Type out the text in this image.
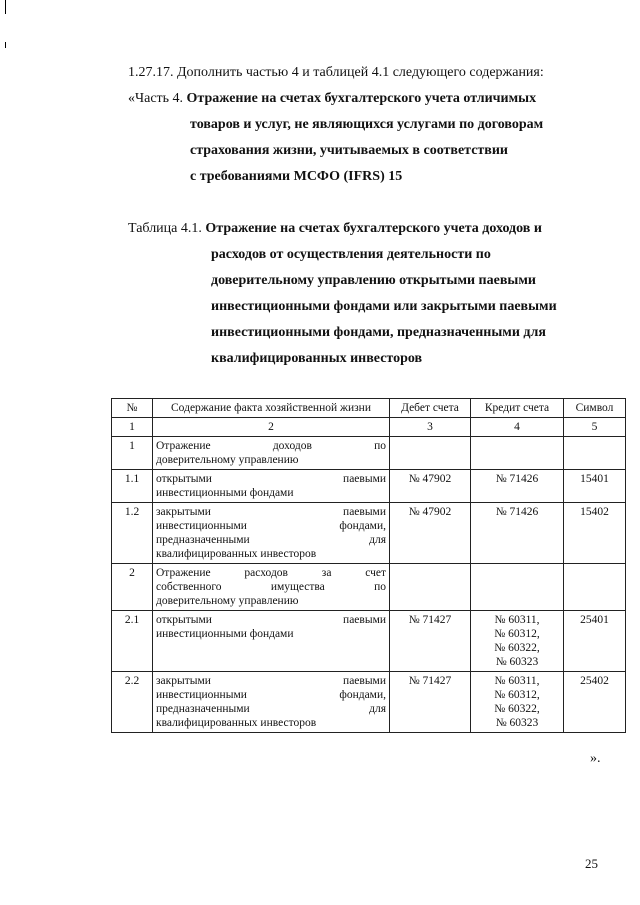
1.27.17. Дополнить частью 4 и таблицей 4.1 следующего содержания:
«Часть 4. Отражение на счетах бухгалтерского учета отличимых
товаров и услуг, не являющихся услугами по договорам
страхования жизни, учитываемых в соответствии
с требованиями МСФО (IFRS) 15
Таблица 4.1. Отражение на счетах бухгалтерского учета доходов и
расходов от осуществления деятельности по
доверительному управлению открытыми паевыми
инвестиционными фондами или закрытыми паевыми
инвестиционными фондами, предназначенными для
квалифицированных инвесторов
№	Содержание факта хозяйственной жизни	Дебет счета	Кредит счета	Символ
1	2	3	4	5
1	Отражение доходов по
доверительному управлению			

1.1	открытыми паевыми
инвестиционными фондами	№ 47902	№ 71426	15401
1.2	закрытыми паевыми
инвестиционными фондами,
предназначенными для
квалифицированных инвесторов	№ 47902	№ 71426	15402
2	Отражение расходов за счет
собственного имущества по
доверительному управлению			

2.1	открытыми паевыми
инвестиционными фондами	№ 71427	№ 60311,
№ 60312,
№ 60322,
№ 60323	25401
2.2	закрытыми паевыми
инвестиционными фондами,
предназначенными для
квалифицированных инвесторов	№ 71427	№ 60311,
№ 60312,
№ 60322,
№ 60323	25402
».
25
